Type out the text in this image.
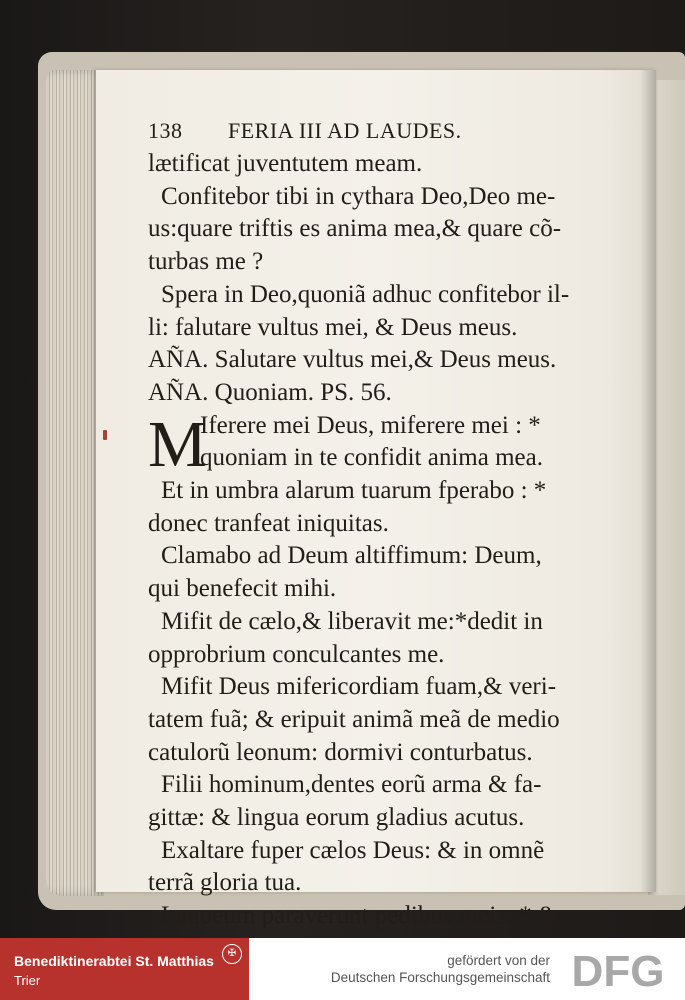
138	FERIA III AD LAUDES.
lætificat juventutem meam.
Confitebor tibi in cythara Deo,Deo me-
us:quare triftis es anima mea,& quare cõ-
turbas me ?
Spera in Deo,quoniã adhuc confitebor il-
li: falutare vultus mei, & Deus meus.
AÑA. Salutare vultus mei,& Deus meus.
AÑA. Quoniam. PS. 56.
M
Iferere mei Deus, miferere mei : *
quoniam in te confidit anima mea.
Et in umbra alarum tuarum fperabo : *
donec tranfeat iniquitas.
Clamabo ad Deum altiffimum: Deum,
qui benefecit mihi.
Mifit de cælo,& liberavit me:*dedit in
opprobrium conculcantes me.
Mifit Deus mifericordiam fuam,& veri-
tatem fuã; & eripuit animã meã de medio
catulorũ leonum: dormivi conturbatus.
Filii hominum,dentes eorũ arma & fa-
gittæ: & lingua eorum gladius acutus.
Exaltare fuper cælos Deus: & in omnẽ
terrã gloria tua.
Laqueum paraverunt pedibus meis: * &
Benediktinerabtei St. Matthias
Trier
✠	gefördert von der
Deutschen Forschungsgemeinschaft DFG
